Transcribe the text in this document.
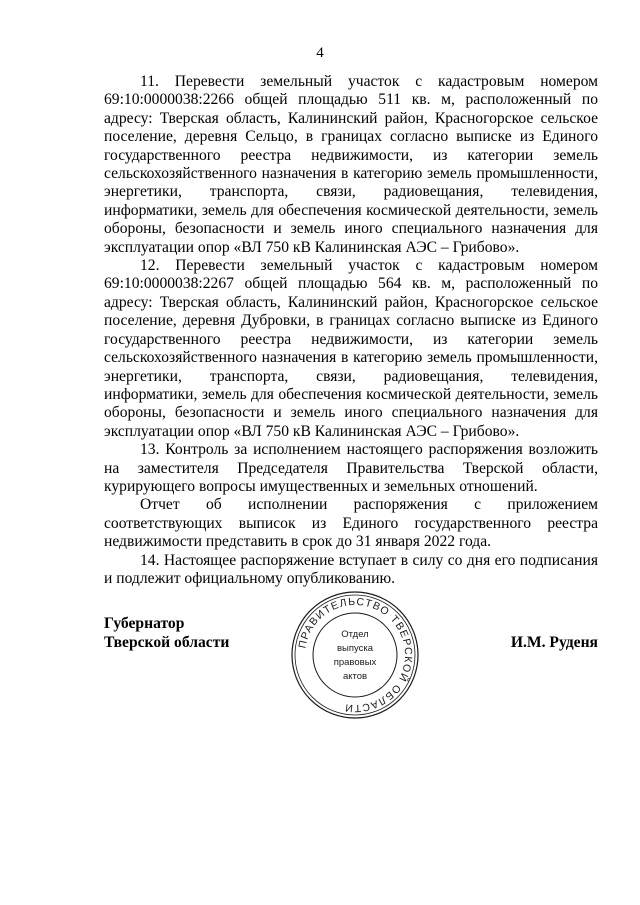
4

11. Перевести земельный участок с кадастровым номером 69:10:0000038:2266 общей площадью 511 кв. м, расположенный по адресу: Тверская область, Калининский район, Красногорское сельское поселение, деревня Сельцо, в границах согласно выписке из Единого государственного реестра недвижимости, из категории земель сельскохозяйственного назначения в категорию земель промышленности, энергетики, транспорта, связи, радиовещания, телевидения, информатики, земель для обеспечения космической деятельности, земель обороны, безопасности и земель иного специального назначения для эксплуатации опор «ВЛ 750 кВ Калининская АЭС – Грибово».

12. Перевести земельный участок с кадастровым номером 69:10:0000038:2267 общей площадью 564 кв. м, расположенный по адресу: Тверская область, Калининский район, Красногорское сельское поселение, деревня Дубровки, в границах согласно выписке из Единого государственного реестра недвижимости, из категории земель сельскохозяйственного назначения в категорию земель промышленности, энергетики, транспорта, связи, радиовещания, телевидения, информатики, земель для обеспечения космической деятельности, земель обороны, безопасности и земель иного специального назначения для эксплуатации опор «ВЛ 750 кВ Калининская АЭС – Грибово».

13. Контроль за исполнением настоящего распоряжения возложить на заместителя Председателя Правительства Тверской области, курирующего вопросы имущественных и земельных отношений.

Отчет об исполнении распоряжения с приложением соответствующих выписок из Единого государственного реестра недвижимости представить в срок до 31 января 2022 года.

14. Настоящее распоряжение вступает в силу со дня его подписания и подлежит официальному опубликованию.

Губернатор
Тверской области	И.М. Руденя
ПРАВИТЕЛЬСТВО ТВЕРСКОЙ ОБЛАСТИ
Отдел
выпуска
правовых
актов
